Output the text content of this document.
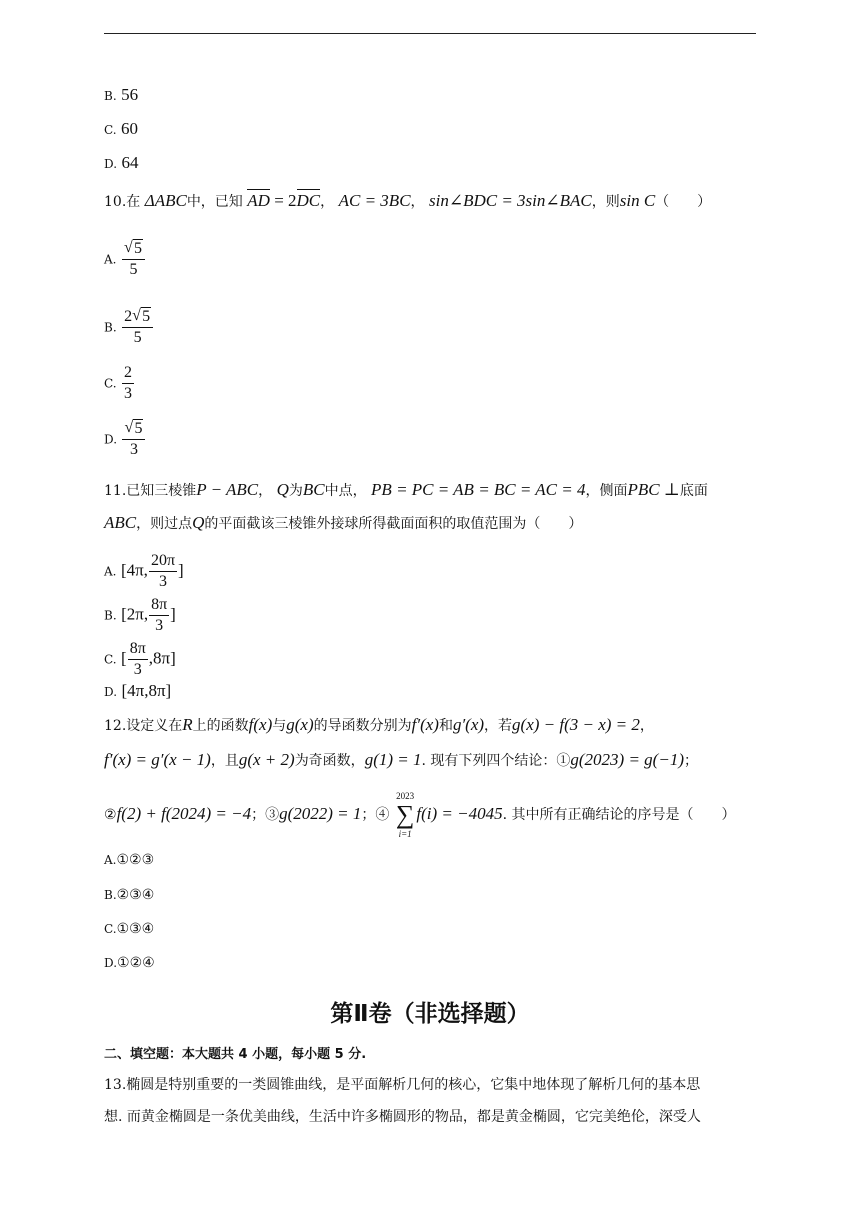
B. 56
C. 60
D. 64
10.在 ΔABC中，已知 AD = 2DC， AC = 3BC， sin∠BDC = 3sin∠BAC，则sin C（　　）
A. $\frac{√ 5}{5}$
B. $\frac{2 √ 5}{5}$
C. $\frac{2}{3}$
D. $\frac{√ 5}{3}$
11.已知三棱锥P − ABC， Q为BC中点， PB = PC = AB = BC = AC = 4，侧面PBC ⊥底面
ABC，则过点Q的平面截该三棱锥外接球所得截面面积的取值范围为（　　）
A. [4π, $\frac{20\pi}{3}$ ]
B. [2π, $\frac{8\pi}{3}$ ]
C. [ $\frac{8\pi}{3} ,8\pi$]
D. [4π,8π]
12.设定义在R上的函数f(x)与g(x)的导函数分别为f′(x)和g′(x)，若g(x) − f(3 − x) = 2，
f′(x) = g′(x − 1)，且g(x + 2)为奇函数，g(1) = 1. 现有下列四个结论：①g(2023) = g(−1)；
②f(2) + f(2024) = −4；③g(2022) = 1；④
2023
∑
i=1
f(i) = −4045. 其中所有正确结论的序号是（　　）
A.①②③
B.②③④
C.①③④
D.①②④
第Ⅱ卷（非选择题）
二、填空题：本大题共 4 小题，每小题 5 分.
13.椭圆是特别重要的一类圆锥曲线，是平面解析几何的核心，它集中地体现了解析几何的基本思
想. 而黄金椭圆是一条优美曲线，生活中许多椭圆形的物品，都是黄金椭圆，它完美绝伦，深受人
